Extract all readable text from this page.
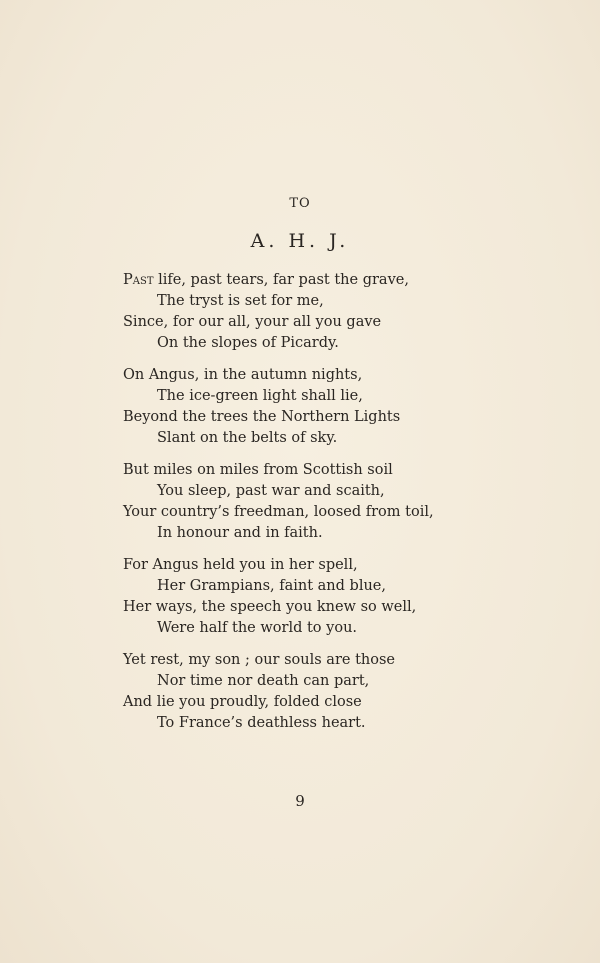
TO
A. H. J.
Past life, past tears, far past the grave,
The tryst is set for me,
Since, for our all, your all you gave
On the slopes of Picardy.
On Angus, in the autumn nights,
The ice-green light shall lie,
Beyond the trees the Northern Lights
Slant on the belts of sky.
But miles on miles from Scottish soil
You sleep, past war and scaith,
Your country’s freedman, loosed from toil,
In honour and in faith.
For Angus held you in her spell,
Her Grampians, faint and blue,
Her ways, the speech you knew so well,
Were half the world to you.
Yet rest, my son ; our souls are those
Nor time nor death can part,
And lie you proudly, folded close
To France’s deathless heart.
9
